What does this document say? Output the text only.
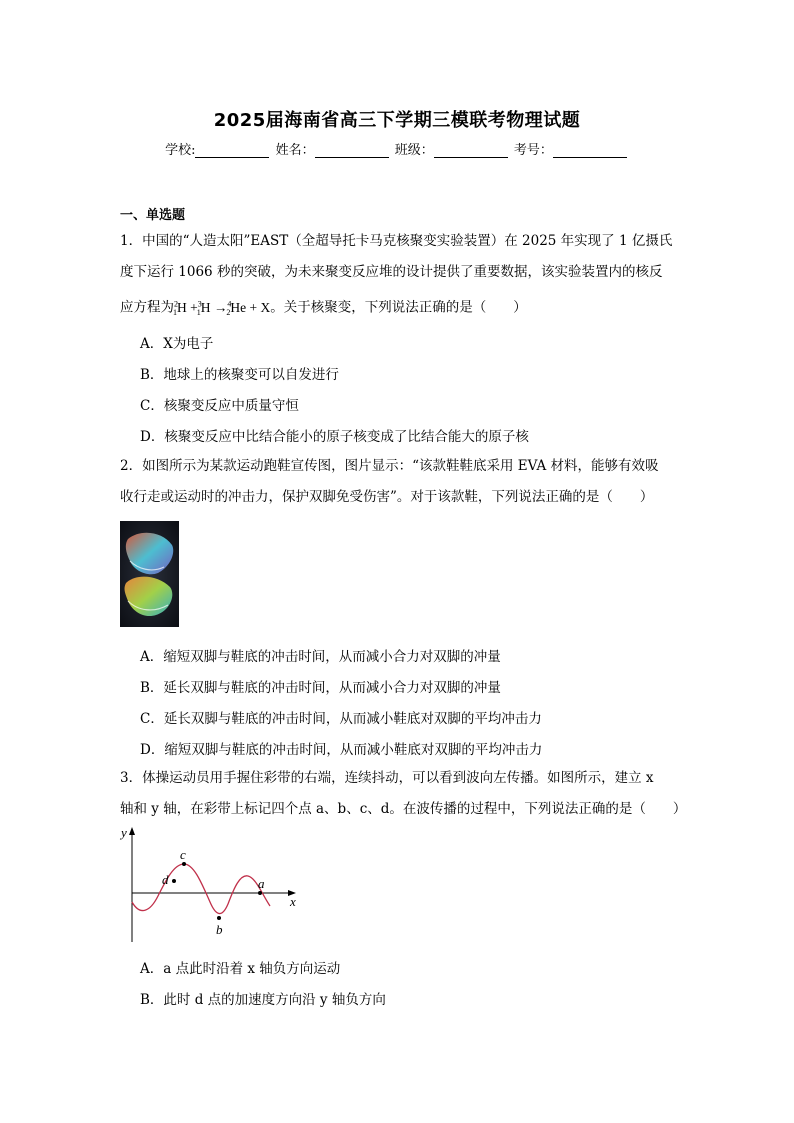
2025届海南省高三下学期三模联考物理试题
学校:	姓名：	班级：	考号：
一、单选题
1．中国的“人造太阳”EAST（全超导托卡马克核聚变实验装置）在 2025 年实现了 1 亿摄氏
度下运行 1066 秒的突破，为未来聚变反应堆的设计提供了重要数据，该实验装置内的核反
应方程为$^2_1$H +$^3_1$H →$^4_2$He + X。关于核聚变，下列说法正确的是（　　）
A．X为电子
B．地球上的核聚变可以自发进行
C．核聚变反应中质量守恒
D．核聚变反应中比结合能小的原子核变成了比结合能大的原子核
2．如图所示为某款运动跑鞋宣传图，图片显示：“该款鞋鞋底采用 EVA 材料，能够有效吸
收行走或运动时的冲击力，保护双脚免受伤害”。对于该款鞋，下列说法正确的是（　　）
A．缩短双脚与鞋底的冲击时间，从而减小合力对双脚的冲量
B．延长双脚与鞋底的冲击时间，从而减小合力对双脚的冲量
C．延长双脚与鞋底的冲击时间，从而减小鞋底对双脚的平均冲击力
D．缩短双脚与鞋底的冲击时间，从而减小鞋底对双脚的平均冲击力
3．体操运动员用手握住彩带的右端，连续抖动，可以看到波向左传播。如图所示，建立 x
轴和 y 轴，在彩带上标记四个点 a、b、c、d。在波传播的过程中，下列说法正确的是（　　）
y
x
c
d
b
a
A．a 点此时沿着 x 轴负方向运动
B．此时 d 点的加速度方向沿 y 轴负方向
